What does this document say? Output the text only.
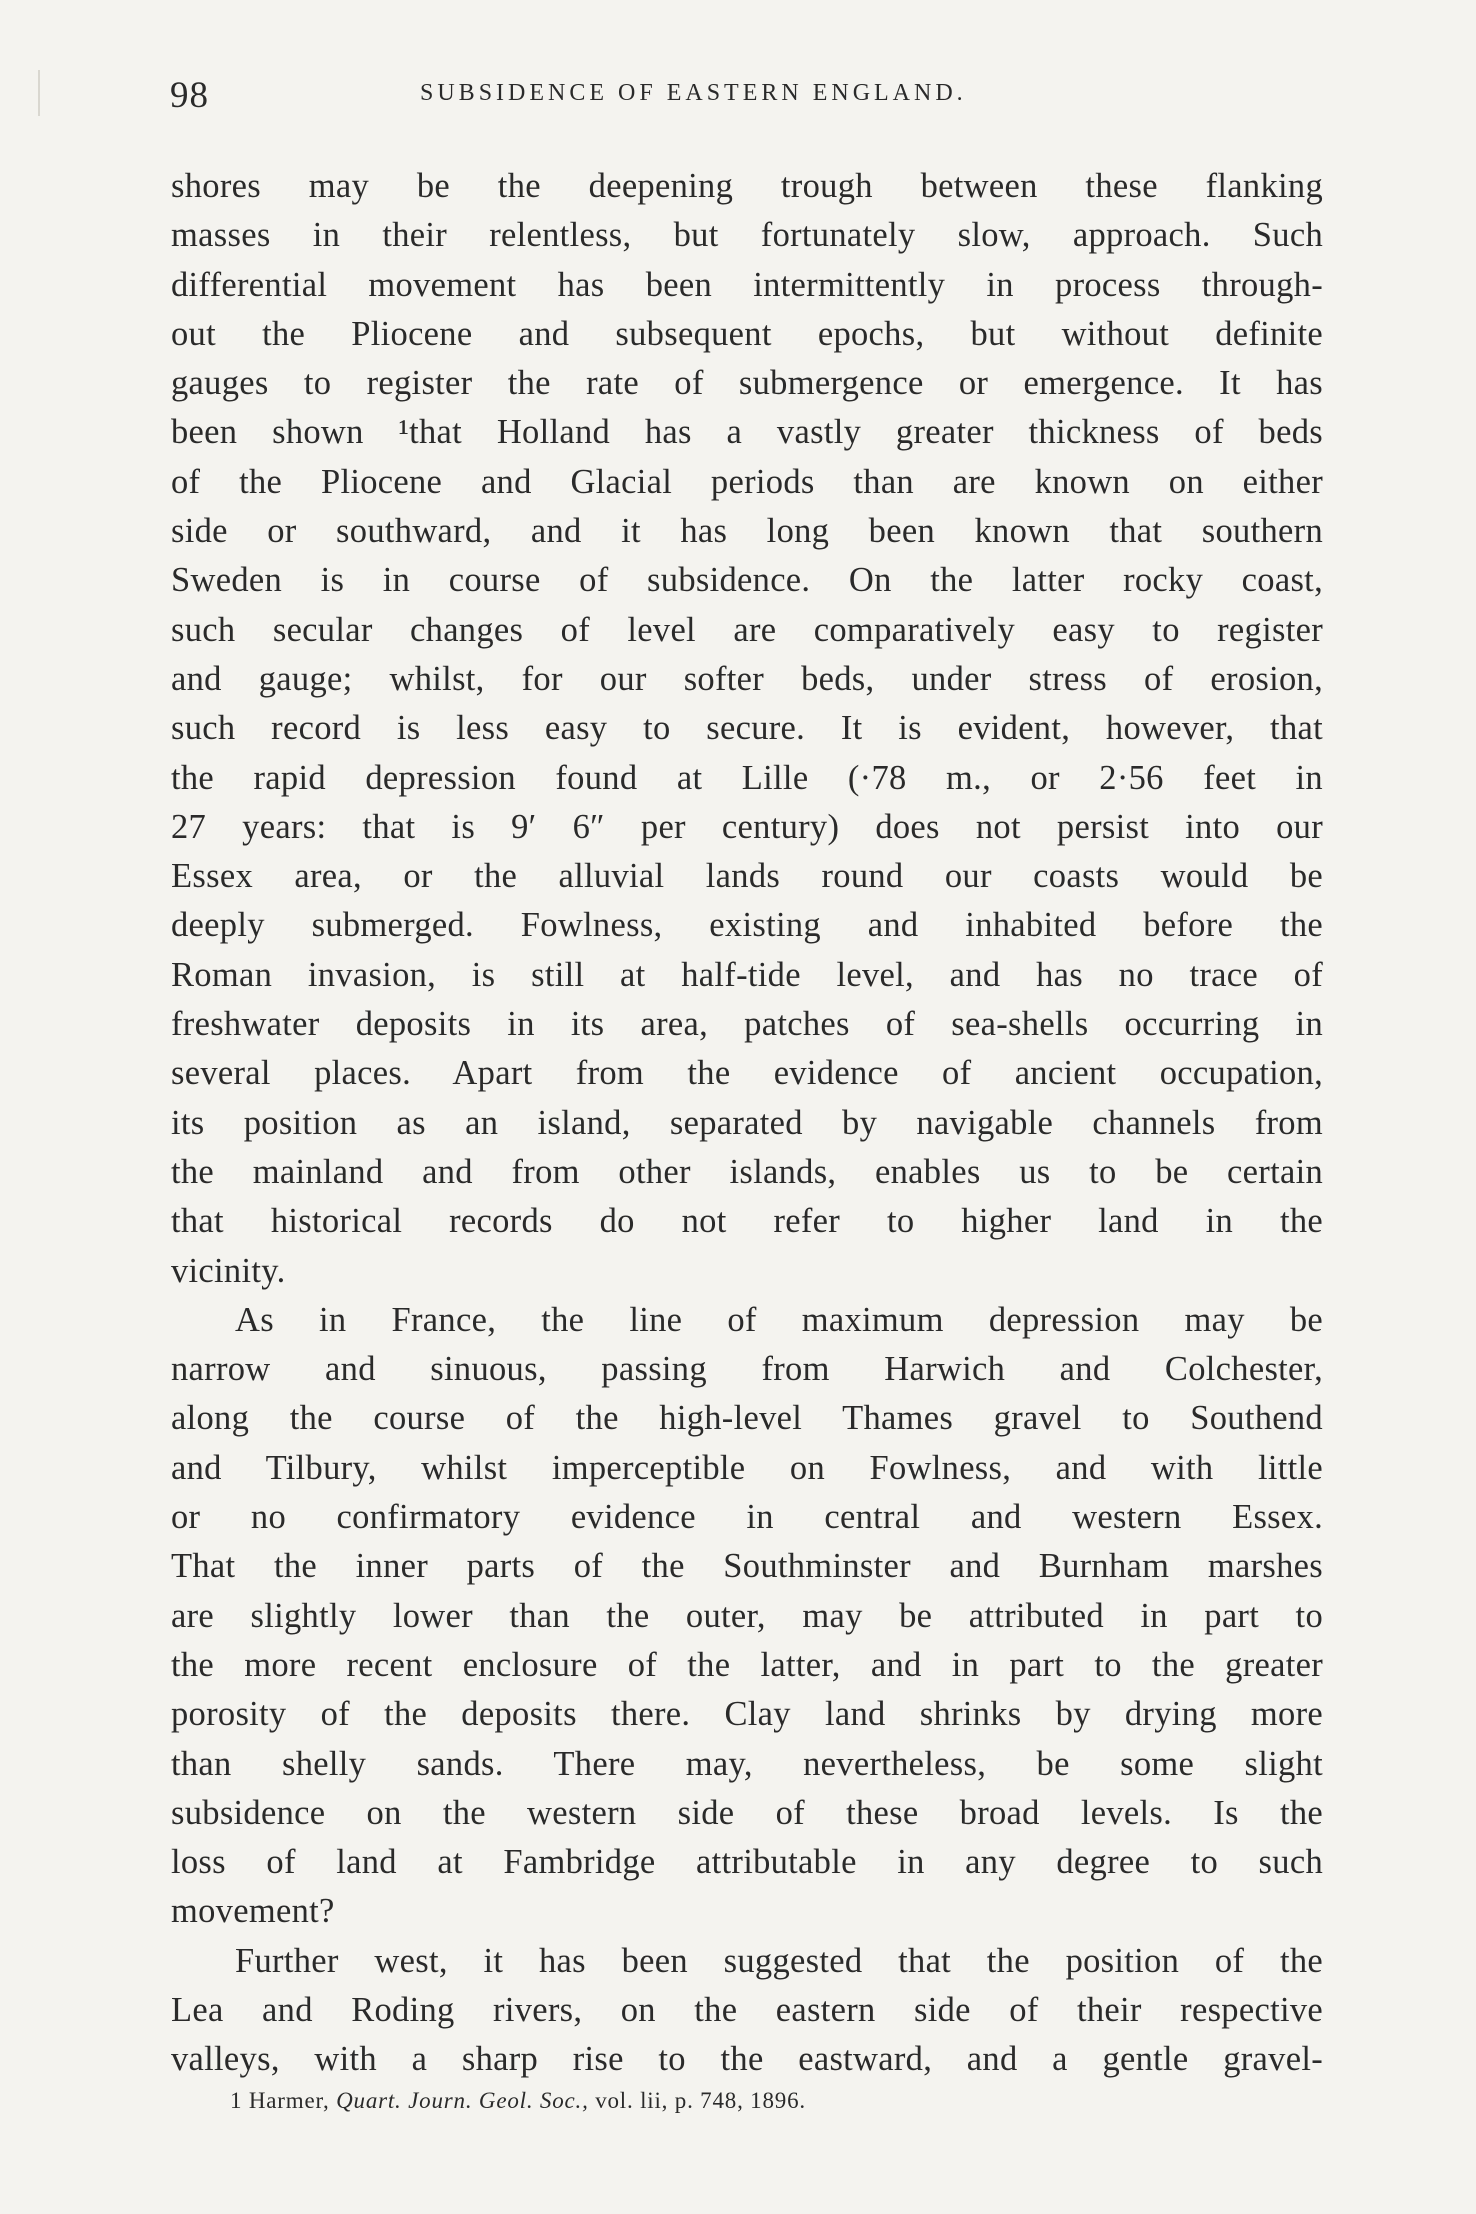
98	SUBSIDENCE OF EASTERN ENGLAND.
shores may be the deepening trough between these flanking
masses in their relentless, but fortunately slow, approach. Such
differential movement has been intermittently in process through-
out the Pliocene and subsequent epochs, but without definite
gauges to register the rate of submergence or emergence. It has
been shown ¹that Holland has a vastly greater thickness of beds
of the Pliocene and Glacial periods than are known on either
side or southward, and it has long been known that southern
Sweden is in course of subsidence. On the latter rocky coast,
such secular changes of level are comparatively easy to register
and gauge; whilst, for our softer beds, under stress of erosion,
such record is less easy to secure. It is evident, however, that
the rapid depression found at Lille (·78 m., or 2·56 feet in
27 years: that is 9′ 6″ per century) does not persist into our
Essex area, or the alluvial lands round our coasts would be
deeply submerged. Fowlness, existing and inhabited before the
Roman invasion, is still at half-tide level, and has no trace of
freshwater deposits in its area, patches of sea-shells occurring in
several places. Apart from the evidence of ancient occupation,
its position as an island, separated by navigable channels from
the mainland and from other islands, enables us to be certain
that historical records do not refer to higher land in the
vicinity.
As in France, the line of maximum depression may be
narrow and sinuous, passing from Harwich and Colchester,
along the course of the high-level Thames gravel to Southend
and Tilbury, whilst imperceptible on Fowlness, and with little
or no confirmatory evidence in central and western Essex.
That the inner parts of the Southminster and Burnham marshes
are slightly lower than the outer, may be attributed in part to
the more recent enclosure of the latter, and in part to the greater
porosity of the deposits there. Clay land shrinks by drying more
than shelly sands. There may, nevertheless, be some slight
subsidence on the western side of these broad levels. Is the
loss of land at Fambridge attributable in any degree to such
movement?
Further west, it has been suggested that the position of the
Lea and Roding rivers, on the eastern side of their respective
valleys, with a sharp rise to the eastward, and a gentle gravel-
1 Harmer, Quart. Journ. Geol. Soc., vol. lii, p. 748, 1896.
